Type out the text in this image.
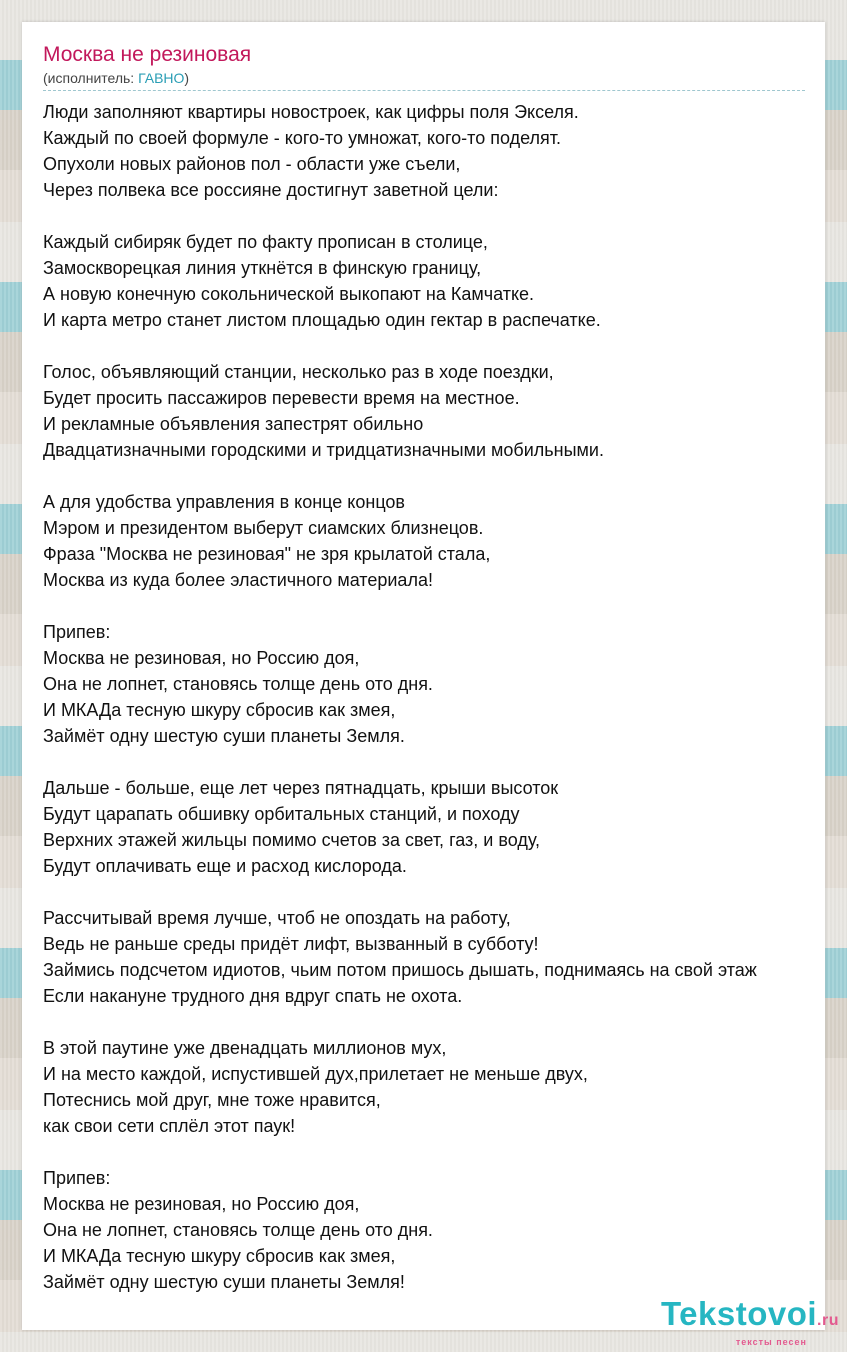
Москва не резиновая
(исполнитель: ГАВНО)
Люди заполняют квартиры новостроек, как цифры поля Экселя.
Каждый по своей формуле - кого-то умножат, кого-то поделят.
Опухоли новых районов пол - области уже съели,
Через полвека все россияне достигнут заветной цели:
Каждый сибиряк будет по факту прописан в столице,
Замоскворецкая линия уткнётся в финскую границу,
А новую конечную сокольнической выкопают на Камчатке.
И карта метро станет листом площадью один гектар в распечатке.
Голос, объявляющий станции, несколько раз в ходе поездки,
Будет просить пассажиров перевести время на местное.
И рекламные объявления запестрят обильно
Двадцатизначными городскими и тридцатизначными мобильными.
А для удобства управления в конце концов
Мэром и президентом выберут сиамских близнецов.
Фраза "Москва не резиновая" не зря крылатой стала,
Москва из куда более эластичного материала!
Припев:
Москва не резиновая, но Россию доя,
Она не лопнет, становясь толще день ото дня.
И МКАДа тесную шкуру сбросив как змея,
Займёт одну шестую суши планеты Земля.
Дальше - больше, еще лет через пятнадцать, крыши высоток
Будут царапать обшивку орбитальных станций, и походу
Верхних этажей жильцы помимо счетов за свет, газ, и воду,
Будут оплачивать еще и расход кислорода.
Рассчитывай время лучше, чтоб не опоздать на работу,
Ведь не раньше среды придёт лифт, вызванный в субботу!
Займись подсчетом идиотов, чьим потом пришось дышать, поднимаясь на свой этаж
Если накануне трудного дня вдруг спать не охота.
В этой паутине уже двенадцать миллионов мух,
И на место каждой, испустившей дух,прилетает не меньше двух,
Потеснись мой друг, мне тоже нравится,
как свои сети сплёл этот паук!
Припев:
Москва не резиновая, но Россию доя,
Она не лопнет, становясь толще день ото дня.
И МКАДа тесную шкуру сбросив как змея,
Займёт одну шестую суши планеты Земля!
Tekstovoi.ru
тексты песен
